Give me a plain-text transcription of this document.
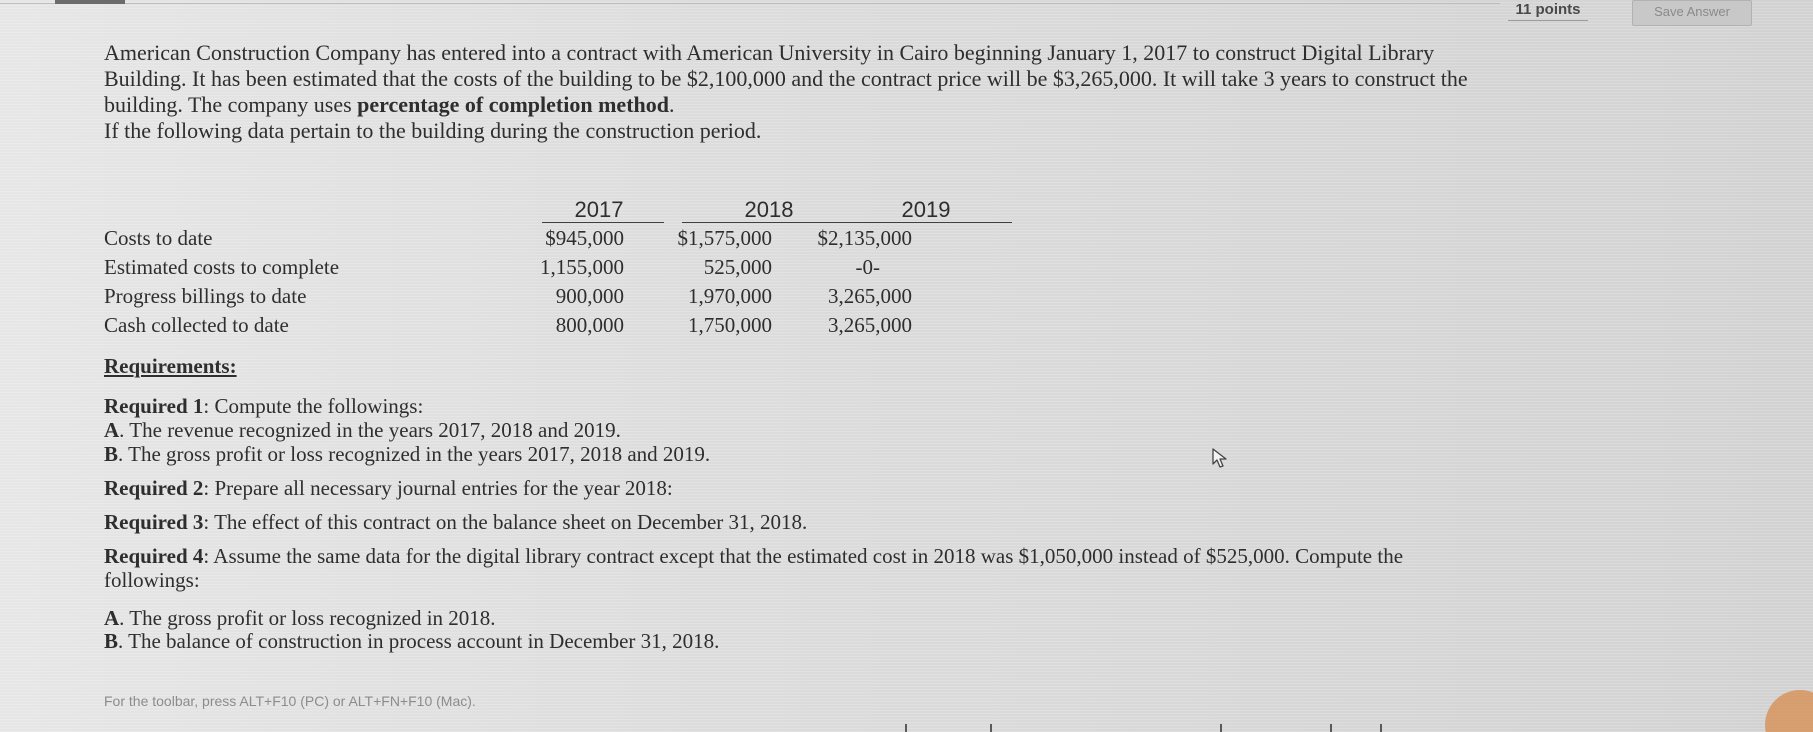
11 points	Save Answer

American Construction Company has entered into a contract with American University in Cairo beginning January 1, 2017 to construct Digital Library

Building. It has been estimated that the costs of the building to be $2,100,000 and the contract price will be $3,265,000. It will take 3 years to construct the

building. The company uses percentage of completion method.

If the following data pertain to the building during the construction period.

2017	2018	2019
Costs to date	$945,000	$1,575,000	$2,135,000
Estimated costs to complete	1,155,000	525,000	-0-
Progress billings to date	900,000	1,970,000	3,265,000
Cash collected to date	800,000	1,750,000	3,265,000
Requirements:

Required 1: Compute the followings:

A. The revenue recognized in the years 2017, 2018 and 2019.

B. The gross profit or loss recognized in the years 2017, 2018 and 2019.

Required 2: Prepare all necessary journal entries for the year 2018:

Required 3: The effect of this contract on the balance sheet on December 31, 2018.

Required 4: Assume the same data for the digital library contract except that the estimated cost in 2018 was $1,050,000 instead of $525,000. Compute the

followings:

A. The gross profit or loss recognized in 2018.

B. The balance of construction in process account in December 31, 2018.

For the toolbar, press ALT+F10 (PC) or ALT+FN+F10 (Mac).
